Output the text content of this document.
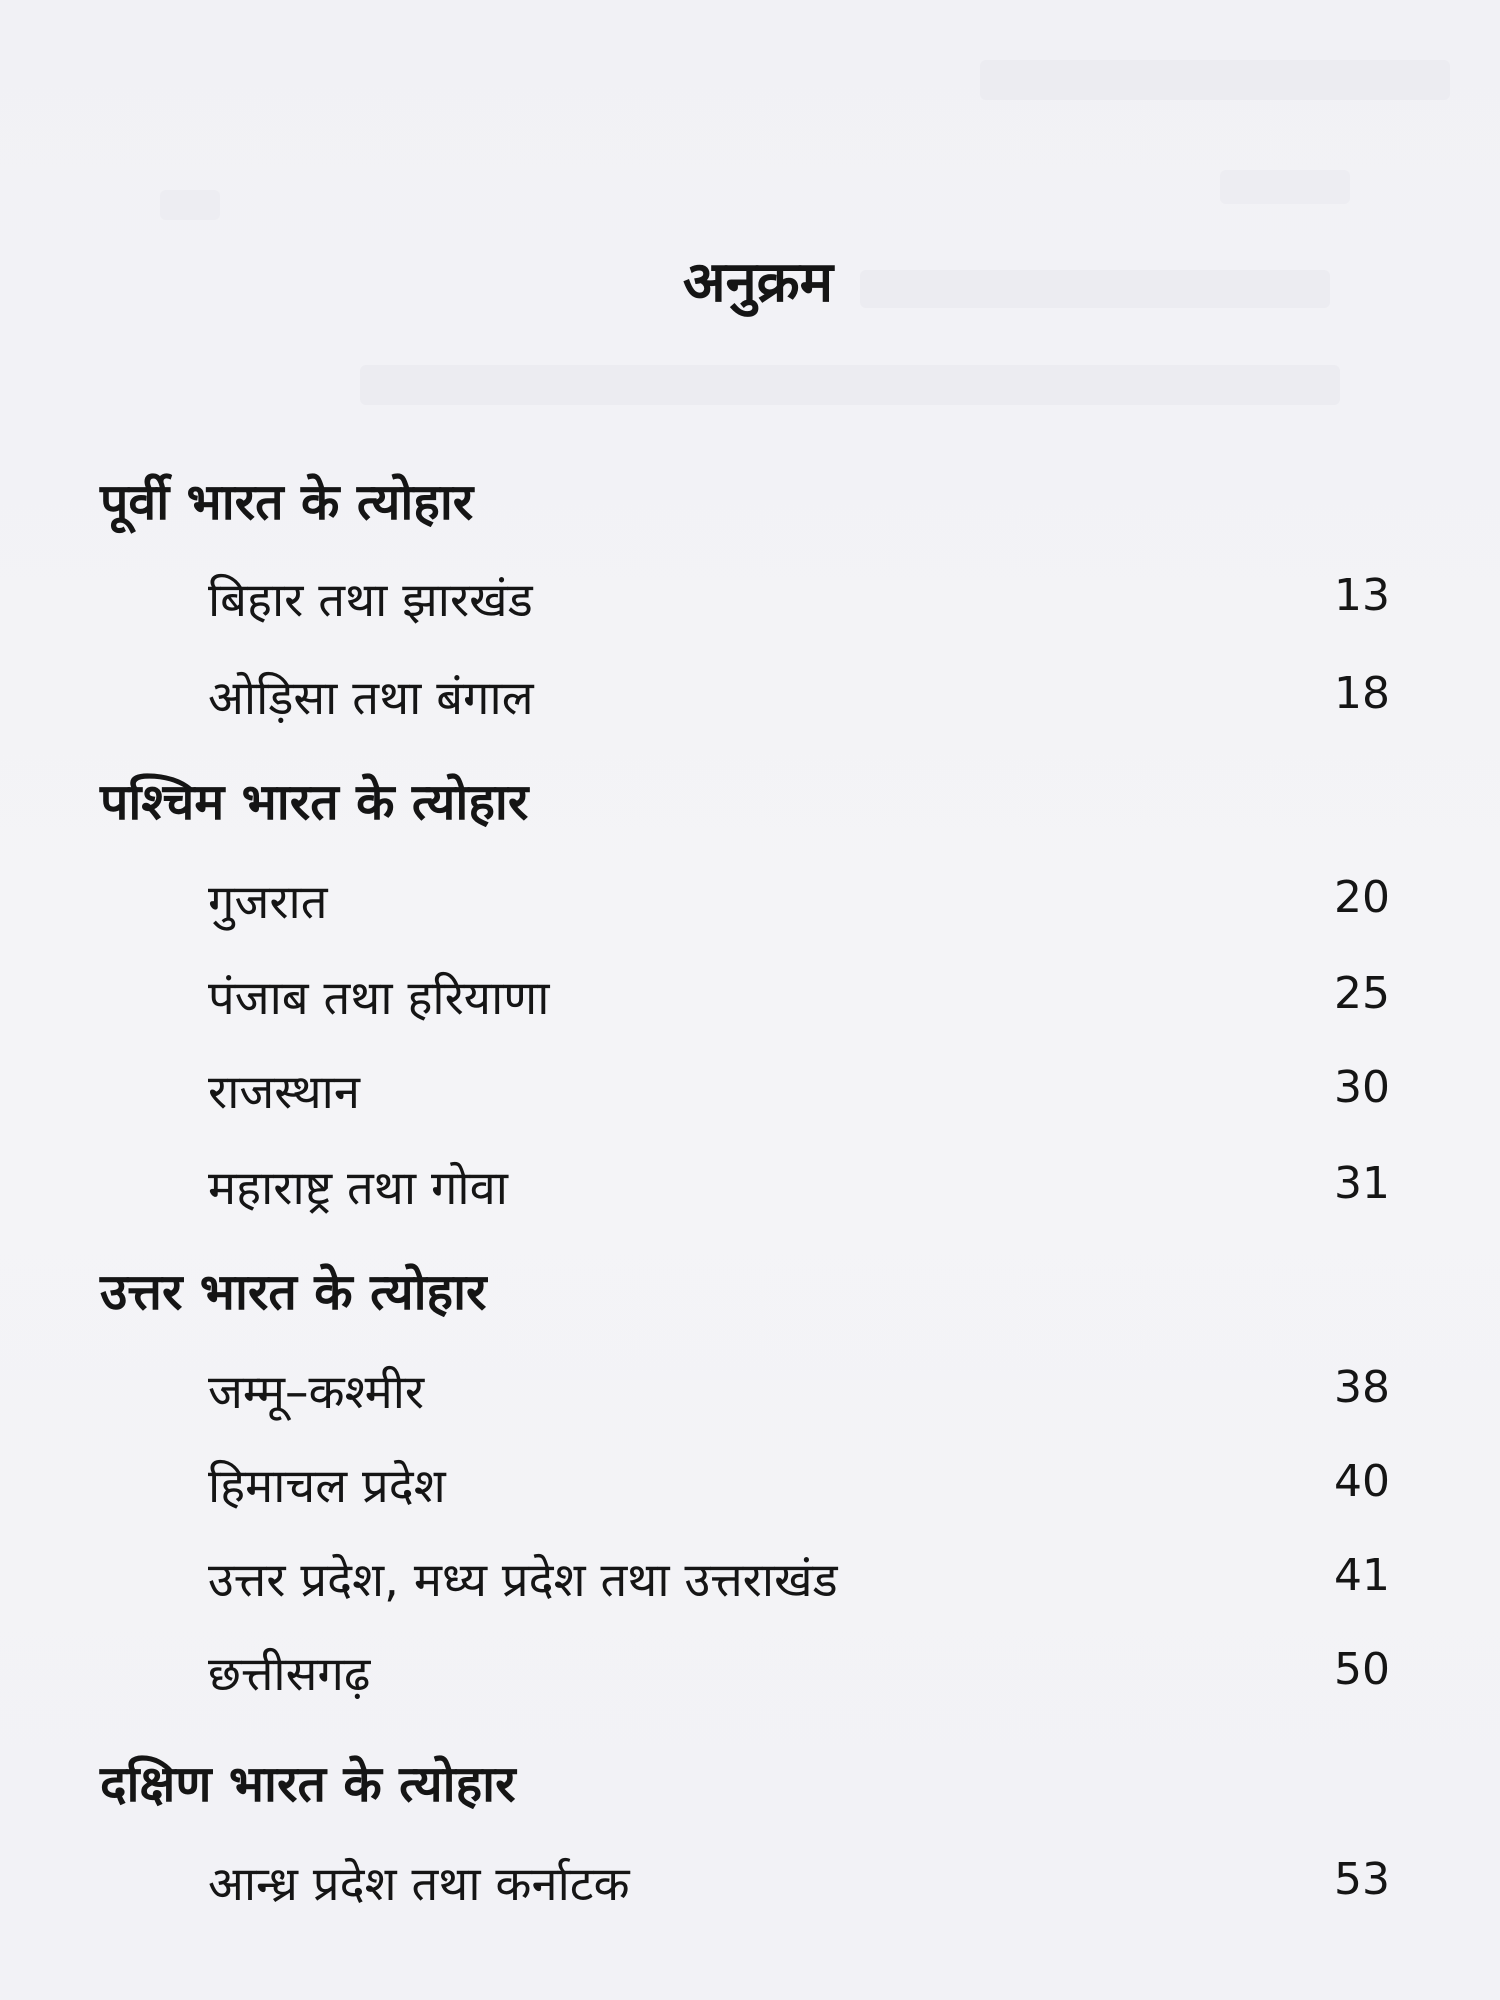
अनुक्रम
पूर्वी भारत के त्योहार
बिहार तथा झारखंड	13
ओड़िसा तथा बंगाल	18
पश्चिम भारत के त्योहार
गुजरात	20
पंजाब तथा हरियाणा	25
राजस्थान	30
महाराष्ट्र तथा गोवा	31
उत्तर भारत के त्योहार
जम्मू–कश्मीर	38
हिमाचल प्रदेश	40
उत्तर प्रदेश, मध्य प्रदेश तथा उत्तराखंड	41
छत्तीसगढ़	50
दक्षिण भारत के त्योहार
आन्ध्र प्रदेश तथा कर्नाटक	53
